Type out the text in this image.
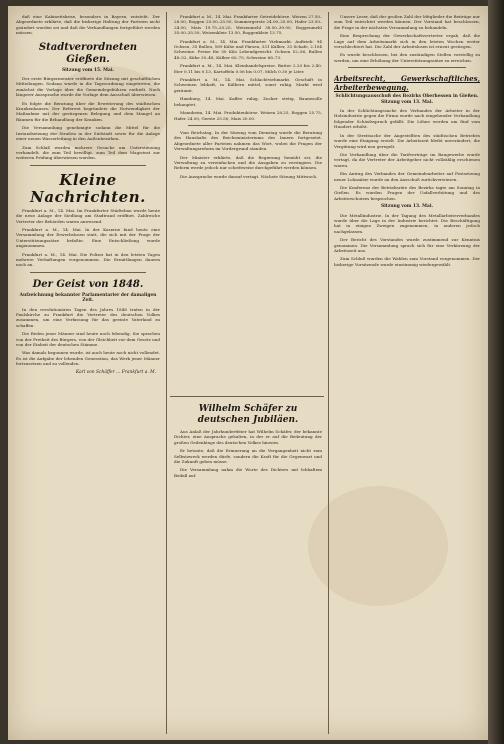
daß eine Kabinettskrise, besonders in Bayern, entsteht. Der Abgeordnete erklärte, daß die bisherige Haltung der Parteien nicht geändert worden sei und daß die Verhandlungen fortgeführt werden müssen.

Stadtverordneten Gießen.

Sitzung vom 15. Mai.

Der erste Bürgermeister eröffnete die Sitzung mit geschäftlichen Mitteilungen. Sodann wurde in die Tagesordnung eingetreten, die zunächst die Vorlage über die Gemeindegebühren enthielt. Nach längerer Aussprache wurde die Vorlage dem Ausschuß überwiesen.

Es folgte die Beratung über die Erweiterung des städtischen Krankenhauses. Der Referent begründete die Notwendigkeit der Maßnahme mit der gestiegenen Belegung und dem Mangel an Räumen für die Behandlung der Kranken.

Die Versammlung genehmigte sodann die Mittel für die Instandsetzung der Straßen in der Südstadt sowie für die Anlage einer neuen Wasserleitung in den Außenbezirken.

Zum Schluß wurden mehrere Gesuche um Unterstützung verhandelt, die zum Teil bewilligt, zum Teil dem Magistrat zur weiteren Prüfung überwiesen wurden.

Kleine Nachrichten.

Frankfurt a. M., 14. Mai. Im Frankfurter Städtebau wurde heute die neue Anlage der Siedlung am Stadtrand eröffnet. Zahlreiche Vertreter der Behörden waren anwesend.

Frankfurt a. M., 14. Mai. In der Kaserne fand heute eine Versammlung der Erwerbslosen statt, die sich mit der Frage der Unterstützungssätze befaßte. Eine Entschließung wurde angenommen.

Frankfurt a. M., 14. Mai. Die Polizei hat in den letzten Tagen mehrere Verhaftungen vorgenommen. Die Ermittlungen dauern noch an.

Der Geist von 1848.

Aufzeichnung bekannter Parlamentarier der damaligen Zeit.

In den revolutionären Tagen des Jahres 1848 traten in der Paulskirche zu Frankfurt die Vertreter des deutschen Volkes zusammen, um eine Verfassung für das geeinte Vaterland zu schaffen.

Die Reden jener Männer sind heute noch lebendig. Sie sprachen von der Freiheit des Bürgers, von der Gleichheit vor dem Gesetz und von der Einheit der deutschen Stämme.

Was damals begonnen wurde, ist auch heute noch nicht vollendet. Es ist die Aufgabe der lebenden Generation, das Werk jener Männer fortzusetzen und zu vollenden.

Karl von Schäffer ... Frankfurt a. M.

Frankfurt a. M., 14. Mai. Frankfurter Getreidebörse. Weizen 27.50–28.00, Roggen 25.00–25.50, Sommergerste 24.00–25.00, Hafer 23.50–24.00, Mais 19.75–20.25, Weizenmehl 38.50–39.00, Roggenmehl 35.00–35.50, Weizenkleie 13.50, Roggenkleie 13.75.

Frankfurt a. M., 14. Mai. Frankfurter Viehmarkt. Auftrieb: 94 Ochsen, 35 Bullen, 589 Kühe und Färsen, 331 Kälber, 33 Schafe, 2.104 Schweine. Preise für 50 Kilo Lebendgewicht: Ochsen 52–56, Bullen 48–52, Kühe 35–48, Kälber 60–75, Schweine 68–73.

Frankfurt a. M., 14. Mai. Kleinhandelspreise. Butter 2.20 bis 2.40, Eier 0.11 bis 0.13, Kartoffeln 0.06 bis 0.07, Milch 0.30 je Liter.

Frankfurt a. M., 14. Mai. Schlachtviehmarkt. Geschäft in Schweinen lebhaft, in Kälbern mittel, sonst ruhig. Markt wird geräumt.

Hamburg, 14. Mai. Kaffee ruhig, Zucker stetig, Baumwolle behauptet.

Mannheim, 14. Mai. Produktenbörse. Weizen 28.25, Roggen 25.75, Hafer 24.00, Gerste 25.50, Mais 20.00.

Vom Reichstag. In der Sitzung vom Dienstag wurde die Beratung des Haushalts des Reichsministeriums des Innern fortgesetzt. Abgeordnete aller Parteien nahmen das Wort, wobei die Fragen der Verwaltungsreform im Vordergrund standen.

Der Minister erklärte, daß die Regierung bemüht sei, die Verwaltung zu vereinfachen und die Ausgaben zu verringern. Die Reform werde jedoch nur schrittweise durchgeführt werden können.

Die Aussprache wurde darauf vertagt. Nächste Sitzung Mittwoch.

Wilhelm Schäfer zu deutschen Jubiläen.

Aus Anlaß der Jahrhundertfeier hat Wilhelm Schäfer, der bekannte Dichter, eine Ansprache gehalten, in der er auf die Bedeutung der großen Gedenktage des deutschen Volkes hinwies.

Er betonte, daß die Erinnerung an die Vergangenheit nicht zum Selbstzweck werden dürfe, sondern die Kraft für die Gegenwart und die Zukunft geben müsse.

Die Versammlung nahm die Worte des Dichters mit lebhaftem Beifall auf.

Unsere Leser, daß der großen Zahl der Mitglieder die Beiträge nur zum Teil entrichtet werden können. Der Vorstand hat beschlossen, die Frage in der nächsten Versammlung zu behandeln.

Eine Besprechung der Gewerkschaftsvertreter ergab, daß die Lage auf dem Arbeitsmarkt sich in den letzten Wochen weiter verschlechtert hat. Die Zahl der Arbeitslosen ist erneut gestiegen.

Es wurde beschlossen, bei den zuständigen Stellen vorstellig zu werden, um eine Erhöhung der Unterstützungssätze zu erreichen.

Arbeitsrecht, Gewerkschaftliches, Arbeiterbewegung.

Schlichtungsausschuß des Bezirks Oberhessen in Gießen. Sitzung vom 13. Mai.

In der Schlichtungssache des Verbandes der Arbeiter in der Holzindustrie gegen die Firma wurde nach eingehender Verhandlung folgender Schiedsspruch gefällt: Die Löhne werden um fünf vom Hundert erhöht.

In der Streitsache der Angestellten des städtischen Betriebes wurde eine Einigung erzielt. Die Arbeitszeit bleibt unverändert, die Vergütung wird neu geregelt.

Die Verhandlung über die Tarifverträge im Baugewerbe wurde vertagt, da die Vertreter der Arbeitgeber nicht vollzählig erschienen waren.

Ein Antrag des Verbandes der Gemeindearbeiter auf Festsetzung neuer Lohnsätze wurde an den Ausschuß zurückverwiesen.

Die Konferenz der Betriebsräte des Bezirks tagte am Sonntag in Gießen. Es wurden Fragen der Unfallverhütung und des Arbeiterschutzes besprochen.

Sitzung vom 13. Mai.

Die Metallindustrie. In der Tagung des Metallarbeiterverbandes wurde über die Lage in der Industrie berichtet. Die Beschäftigung hat in einigen Zweigen zugenommen, in anderen jedoch nachgelassen.

Der Bericht des Vorstandes wurde zustimmend zur Kenntnis genommen. Die Versammlung sprach sich für eine Verkürzung der Arbeitszeit aus.

Zum Schluß wurden die Wahlen zum Vorstand vorgenommen. Der bisherige Vorsitzende wurde einstimmig wiedergewählt.
